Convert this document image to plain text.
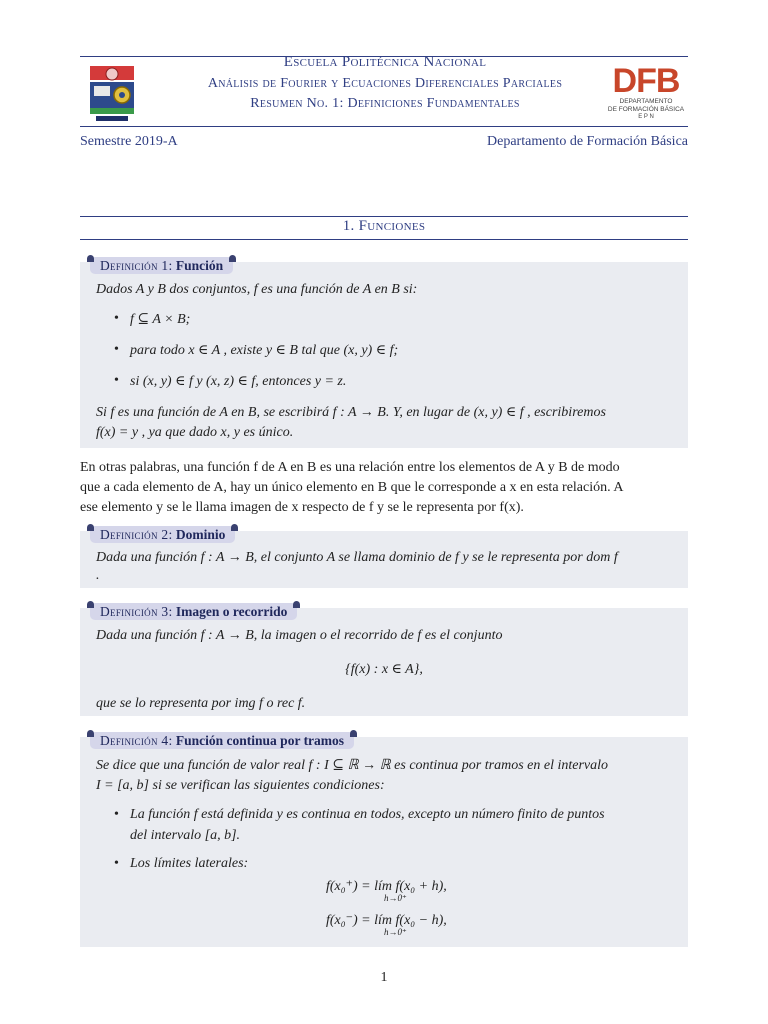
Escuela Politécnica Nacional
Análisis de Fourier y Ecuaciones Diferenciales Parciales
Resumen No. 1: Definiciones Fundamentales
DFB
DEPARTAMENTO
DE FORMACIÓN BÁSICA
E P N
Semestre 2019-A	Departamento de Formación Básica
1. Funciones
Definición 1: Función
Dados A y B dos conjuntos, f es una función de A en B si:
• f ⊆ A × B;
• para todo x ∈ A , existe y ∈ B tal que (x, y) ∈ f;
• si (x, y) ∈ f y (x, z) ∈ f, entonces y = z.
Si f es una función de A en B, se escribirá f : A → B. Y, en lugar de (x, y) ∈ f , escribiremos
f(x) = y , ya que dado x, y es único.
En otras palabras, una función f de A en B es una relación entre los elementos de A y B de modo
que a cada elemento de A, hay un único elemento en B que le corresponde a x en esta relación. A
ese elemento y se le llama imagen de x respecto de f y se le representa por f(x).
Definición 2: Dominio
Dada una función f : A → B, el conjunto A se llama dominio de f y se le representa por dom f
.
Definición 3: Imagen o recorrido
Dada una función f : A → B, la imagen o el recorrido de f es el conjunto
{f(x) : x ∈ A},
que se lo representa por img f o rec f.
Definición 4: Función continua por tramos
Se dice que una función de valor real f : I ⊆ ℝ → ℝ es continua por tramos en el intervalo
I = [a, b] si se verifican las siguientes condiciones:
• La función f está definida y es continua en todos, excepto un número finito de puntos
del intervalo [a, b].
• Los límites laterales:
f(x₀⁺) = lím f(x₀ + h),
h→0⁺
f(x₀⁻) = lím f(x₀ − h),
h→0⁺
1
